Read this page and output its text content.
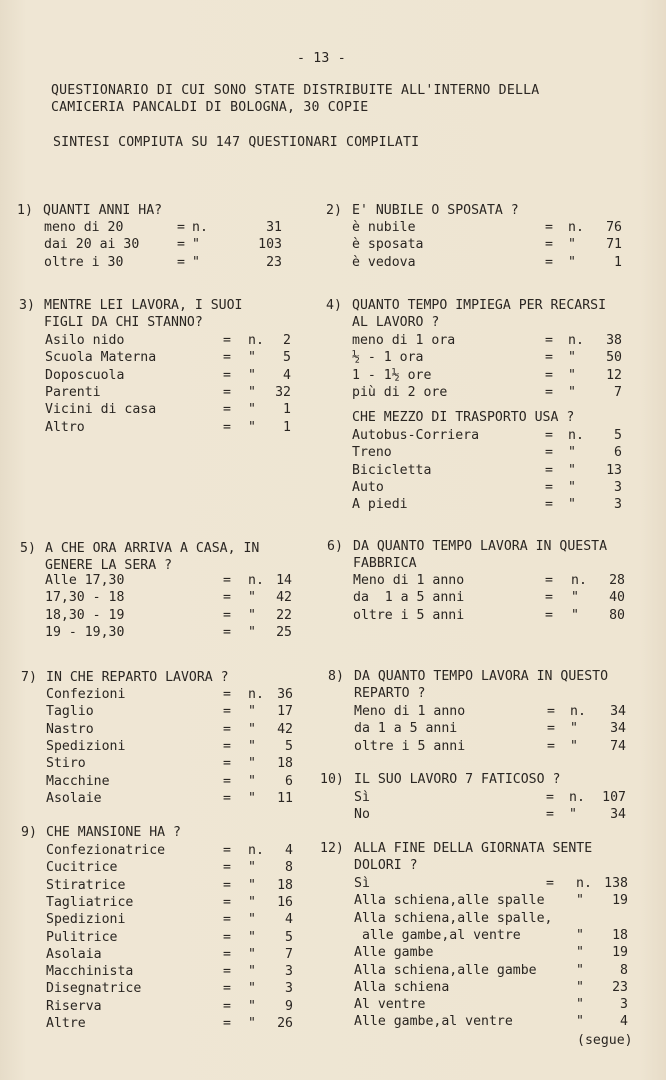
- 13 -
QUESTIONARIO DI CUI SONO STATE DISTRIBUITE ALL'INTERNO DELLA
CAMICERIA PANCALDI DI BOLOGNA, 30 COPIE
SINTESI COMPIUTA SU 147 QUESTIONARI COMPILATI
1) QUANTI ANNI HA?
meno di 20	= n.	31
dai 20 ai 30	= "	103
oltre i 30	= "	23
2) E' NUBILE O SPOSATA ?
è nubile	= n.	76
è sposata	= "	71
è vedova	= "	1
3) MENTRE LEI LAVORA, I SUOI
FIGLI DA CHI STANNO?
Asilo nido	= n.	2
Scuola Materna	= "	5
Doposcuola	= "	4
Parenti	= "	32
Vicini di casa	= "	1
Altro	= "	1
4) QUANTO TEMPO IMPIEGA PER RECARSI
AL LAVORO ?
meno di 1 ora	= n.	38
½ - 1 ora	= "	50
1 - 1½ ore	= "	12
più di 2 ore	= "	7
CHE MEZZO DI TRASPORTO USA ?
Autobus-Corriera	= n.	5
Treno	= "	6
Bicicletta	= "	13
Auto	= "	3
A piedi	= "	3
5) A CHE ORA ARRIVA A CASA, IN
GENERE LA SERA ?
Alle 17,30	= n. 14
17,30 - 18	= "	42
18,30 - 19	= "	22
19 - 19,30	= "	25
6) DA QUANTO TEMPO LAVORA IN QUESTA
FABBRICA
Meno di 1 anno	= n.	28
da  1 a 5 anni	= "	40
oltre i 5 anni	= "	80
7) IN CHE REPARTO LAVORA ?
Confezioni	= n.	36
Taglio	= "	17
Nastro	= "	42
Spedizioni	= "	5
Stiro	= "	18
Macchine	= "	6
Asolaie	= "	11
8) DA QUANTO TEMPO LAVORA IN QUESTO
REPARTO ?
Meno di 1 anno	= n.	34
da 1 a 5 anni	= "	34
oltre i 5 anni	= "	74
10) IL SUO LAVORO 7 FATICOSO ?
Sì	= n.	107
No	= "	34
9) CHE MANSIONE HA ?
Confezionatrice	= n.	4
Cucitrice	= "	8
Stiratrice	= "	18
Tagliatrice	= "	16
Spedizioni	= "	4
Pulitrice	= "	5
Asolaia	= "	7
Macchinista	= "	3
Disegnatrice	= "	3
Riserva	= "	9
Altre	= "	26
12) ALLA FINE DELLA GIORNATA SENTE
DOLORI ?
Sì	= n. 138
Alla schiena,alle spalle "	19
Alla schiena,alle spalle,
alle gambe,al ventre	"	18
Alle gambe	"	19
Alla schiena,alle gambe	"	8
Alla schiena	"	23
Al ventre	"	3
Alle gambe,al ventre	"	4
(segue)
